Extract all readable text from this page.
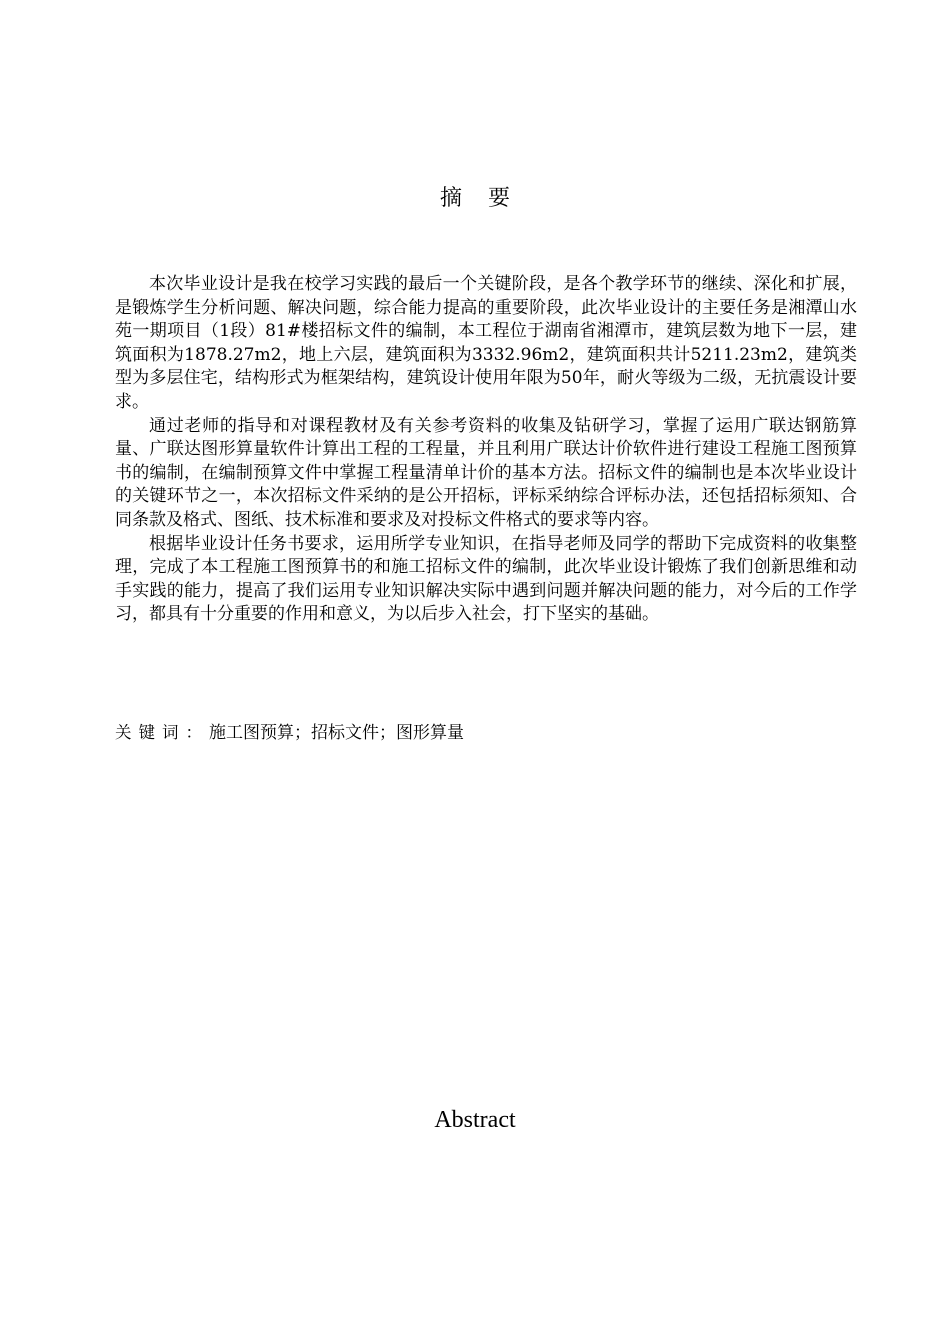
摘要

本次毕业设计是我在校学习实践的最后一个关键阶段，是各个教学环节的继续、深化和扩展，是锻炼学生分析问题、解决问题，综合能力提高的重要阶段，此次毕业设计的主要任务是湘潭山水苑一期项目（1段）81#楼招标文件的编制，本工程位于湖南省湘潭市，建筑层数为地下一层，建筑面积为1878.27m2，地上六层，建筑面积为3332.96m2，建筑面积共计5211.23m2，建筑类型为多层住宅，结构形式为框架结构，建筑设计使用年限为50年，耐火等级为二级，无抗震设计要求。

通过老师的指导和对课程教材及有关参考资料的收集及钻研学习，掌握了运用广联达钢筋算量、广联达图形算量软件计算出工程的工程量，并且利用广联达计价软件进行建设工程施工图预算书的编制，在编制预算文件中掌握工程量清单计价的基本方法。招标文件的编制也是本次毕业设计的关键环节之一，本次招标文件采纳的是公开招标，评标采纳综合评标办法，还包括招标须知、合同条款及格式、图纸、技术标准和要求及对投标文件格式的要求等内容。

根据毕业设计任务书要求，运用所学专业知识，在指导老师及同学的帮助下完成资料的收集整理，完成了本工程施工图预算书的和施工招标文件的编制，此次毕业设计锻炼了我们创新思维和动手实践的能力，提高了我们运用专业知识解决实际中遇到问题并解决问题的能力，对今后的工作学习，都具有十分重要的作用和意义，为以后步入社会，打下坚实的基础。

关键词：施工图预算；招标文件；图形算量

Abstract
